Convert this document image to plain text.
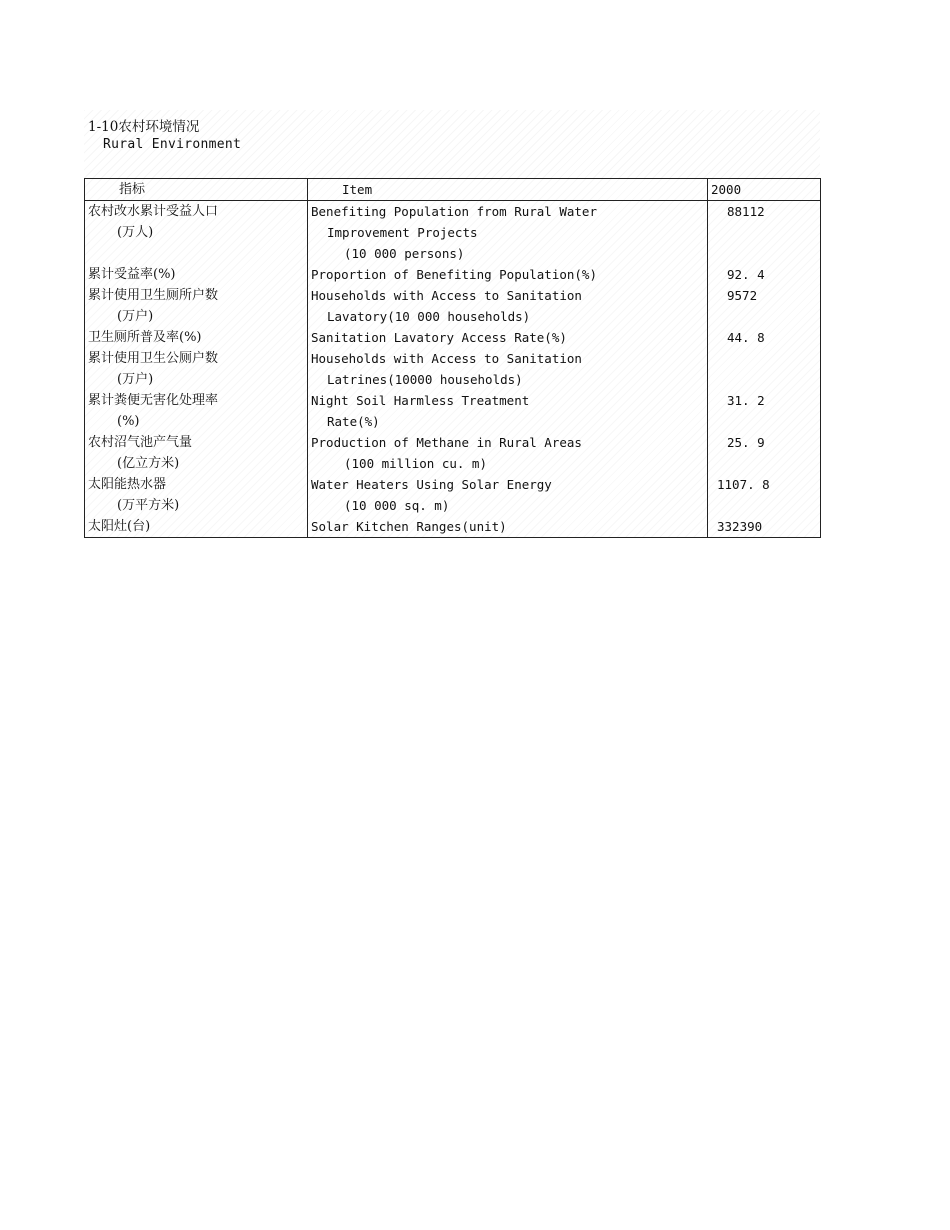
1-10农村环境情况
Rural Environment
指标	Item	2000
农村改水累计受益人口	Benefiting Population from Rural Water	88112
(万人)	Improvement Projects	
	(10 000 persons)	
累计受益率(%)	Proportion of Benefiting Population(%)	92. 4
累计使用卫生厕所户数	Households with Access to Sanitation	9572
(万户)	Lavatory(10 000 households)	
卫生厕所普及率(%)	Sanitation Lavatory Access Rate(%)	44. 8
累计使用卫生公厕户数	Households with Access to Sanitation	
(万户)	Latrines(10000 households)	
累计粪便无害化处理率	Night Soil Harmless Treatment	31. 2
(%)	Rate(%)	
农村沼气池产气量	Production of Methane in Rural Areas	25. 9
(亿立方米)	(100 million cu. m)	
太阳能热水器	Water Heaters Using Solar Energy	1107. 8
(万平方米)	(10 000 sq. m)	
太阳灶(台)	Solar Kitchen Ranges(unit)	332390
